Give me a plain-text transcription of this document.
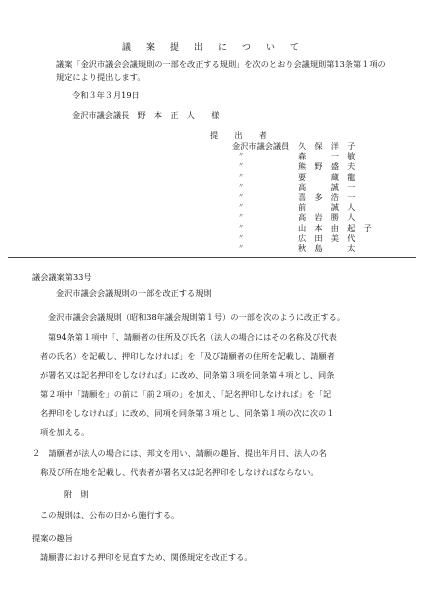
議　案　提　出　に　つ　い　て
議案「金沢市議会会議規則の一部を改正する規則」を次のとおり会議規則第13条第１項の規定により提出します。
令和３年３月19日
金沢市議会議長　野　本　正　人　　様
提　出　者
金沢市議会議員 久　保　洋　子
〃	森　　　一　敏
〃	熊　野　盛　夫
〃	要　　　蔵　龍
〃	高　　　誠　一
〃	喜　多　浩　一
〃	前　　　誠　人
〃	高　岩　勝　人
〃	山　本　由　起　子
〃	広　田　美　代
〃	秋　島　　　太
議会議案第33号
金沢市議会会議規則の一部を改正する規則
金沢市議会会議規則（昭和38年議会規則第１号）の一部を次のように改正する。
第94条第１項中「、請願者の住所及び氏名（法人の場合にはその名称及び代表
者の氏名）を記載し、押印しなければ」を「及び請願者の住所を記載し、請願者
が署名又は記名押印をしなければ」に改め、同条第３項を同条第４項とし、同条
第２項中「請願を」の前に「前２項の」を加え、「記名押印しなければ」を「記
名押印をしなければ」に改め、同項を同条第３項とし、同条第１項の次に次の１
項を加える。
２　請願者が法人の場合には、邦文を用い、請願の趣旨、提出年月日、法人の名
　称及び所在地を記載し、代表者が署名又は記名押印をしなければならない。
附　則
この規則は、公布の日から施行する。
提案の趣旨
請願書における押印を見直すため、関係規定を改正する。
